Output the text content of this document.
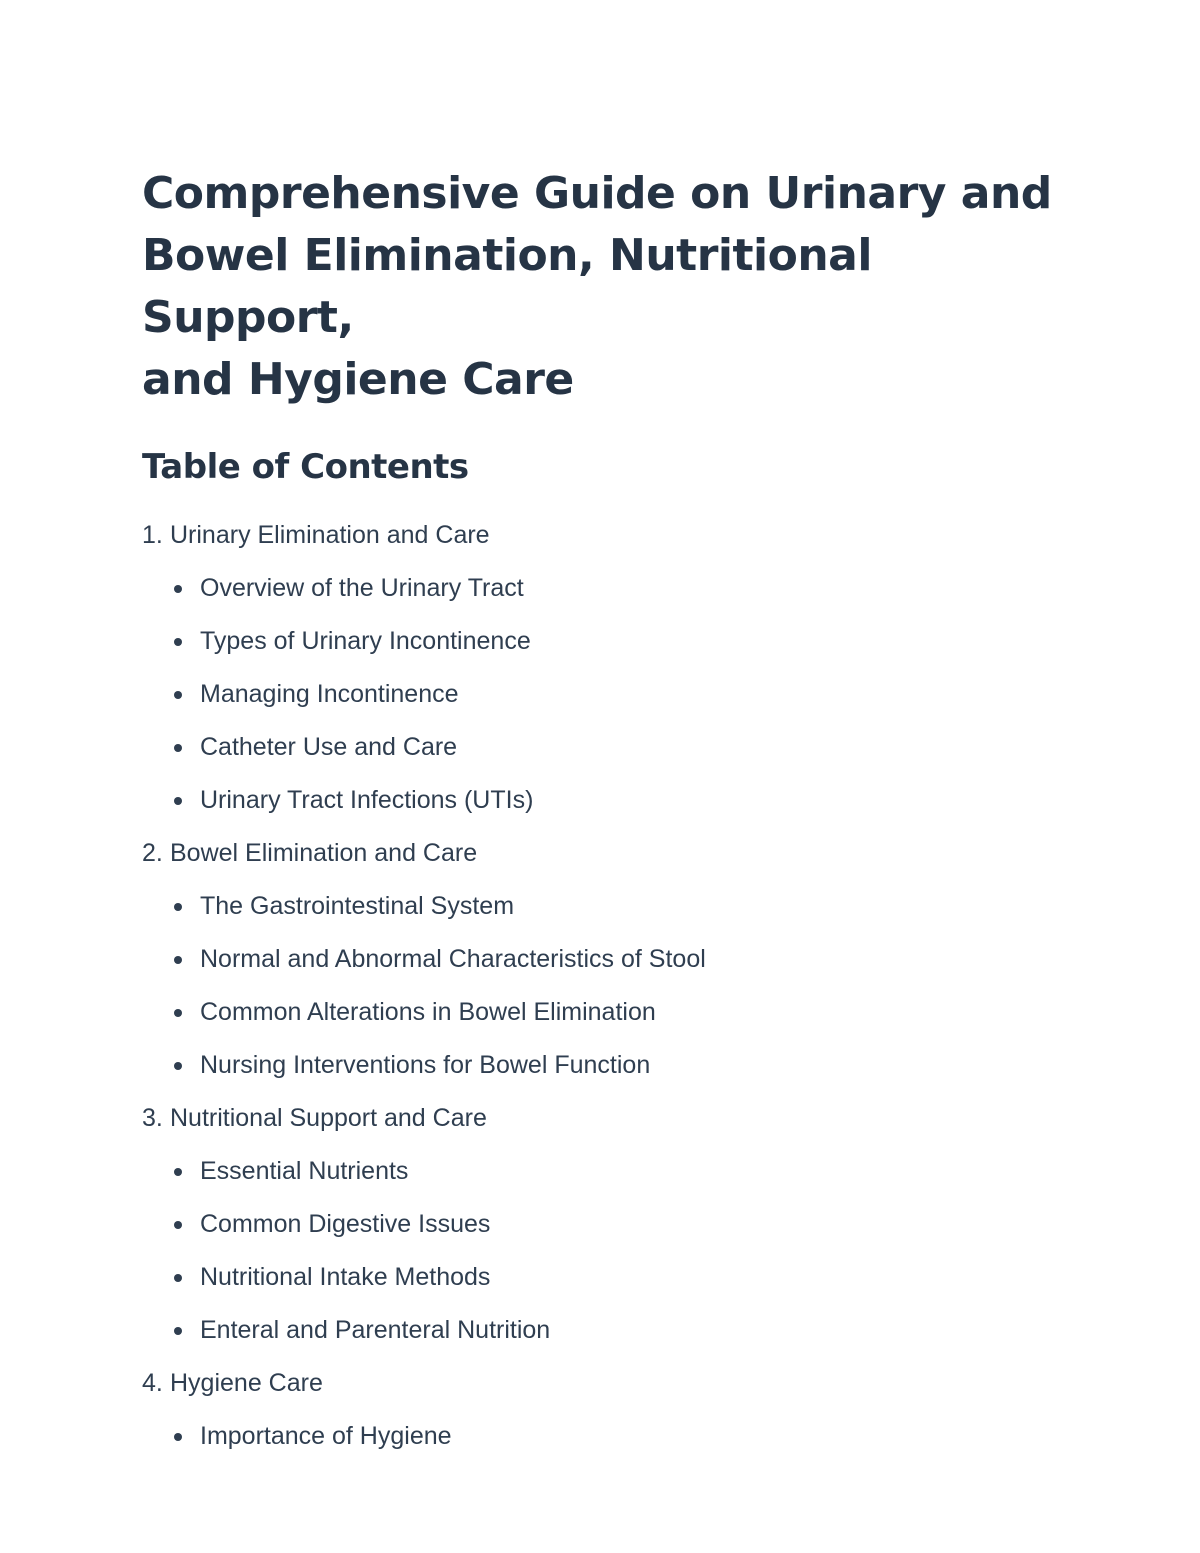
Comprehensive Guide on Urinary and
Bowel Elimination, Nutritional Support,
and Hygiene Care
Table of Contents
1. Urinary Elimination and Care
Overview of the Urinary Tract
Types of Urinary Incontinence
Managing Incontinence
Catheter Use and Care
Urinary Tract Infections (UTIs)
2. Bowel Elimination and Care
The Gastrointestinal System
Normal and Abnormal Characteristics of Stool
Common Alterations in Bowel Elimination
Nursing Interventions for Bowel Function
3. Nutritional Support and Care
Essential Nutrients
Common Digestive Issues
Nutritional Intake Methods
Enteral and Parenteral Nutrition
4. Hygiene Care
Importance of Hygiene
